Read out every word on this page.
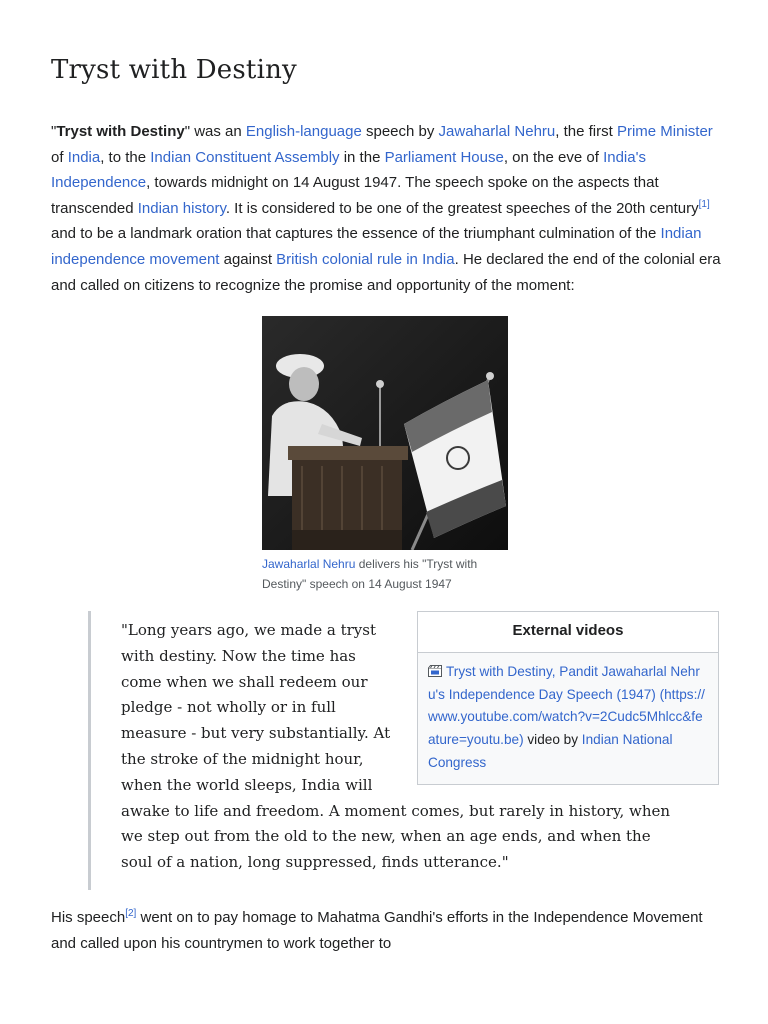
Tryst with Destiny

"Tryst with Destiny" was an English-language speech by Jawaharlal Nehru, the first Prime Minister of India, to the Indian Constituent Assembly in the Parliament House, on the eve of India's Independence, towards midnight on 14 August 1947. The speech spoke on the aspects that transcended Indian history. It is considered to be one of the greatest speeches of the 20th century[1] and to be a landmark oration that captures the essence of the triumphant culmination of the Indian independence movement against British colonial rule in India. He declared the end of the colonial era and called on citizens to recognize the promise and opportunity of the moment:

Jawaharlal Nehru delivers his "Tryst with Destiny" speech on 14 August 1947
External videos
Tryst with Destiny, Pandit Jawaharlal Nehru's Independence Day Speech (1947) (https://www.youtube.com/watch?v=2Cudc5Mhlcc&feature=youtu.be) video by Indian National Congress
"Long years ago, we made a tryst with destiny. Now the time has come when we shall redeem our pledge - not wholly or in full measure - but very substantially. At the stroke of the midnight hour, when the world sleeps, India will awake to life and freedom. A moment comes, but rarely in history, when we step out from the old to the new, when an age ends, and when the soul of a nation, long suppressed, finds utterance."

His speech[2] went on to pay homage to Mahatma Gandhi's efforts in the Independence Movement and called upon his countrymen to work together to
